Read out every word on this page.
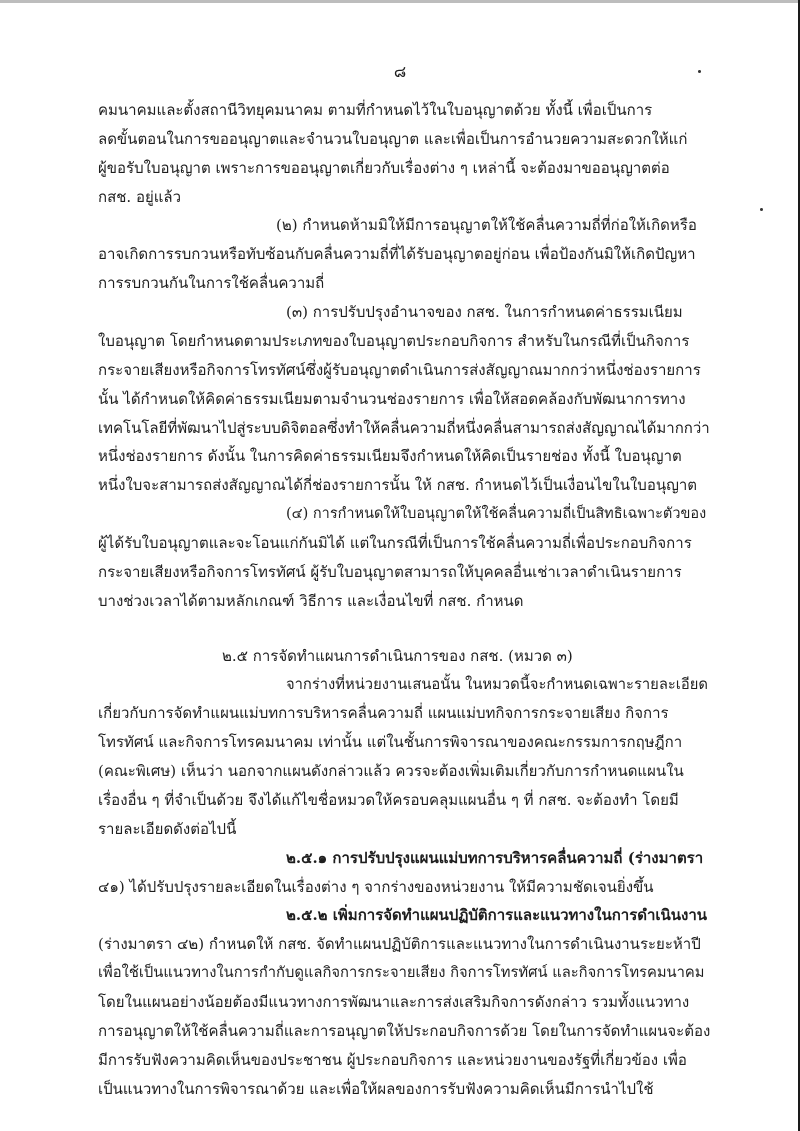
๘
คมนาคมและตั้งสถานีวิทยุคมนาคม ตามที่กำหนดไว้ในใบอนุญาตด้วย ทั้งนี้ เพื่อเป็นการ
ลดขั้นตอนในการขออนุญาตและจำนวนใบอนุญาต และเพื่อเป็นการอำนวยความสะดวกให้แก่
ผู้ขอรับใบอนุญาต เพราะการขออนุญาตเกี่ยวกับเรื่องต่าง ๆ เหล่านี้ จะต้องมาขออนุญาตต่อ
กสช. อยู่แล้ว
(๒) กำหนดห้ามมิให้มีการอนุญาตให้ใช้คลื่นความถี่ที่ก่อให้เกิดหรือ
อาจเกิดการรบกวนหรือทับซ้อนกับคลื่นความถี่ที่ได้รับอนุญาตอยู่ก่อน เพื่อป้องกันมิให้เกิดปัญหา
การรบกวนกันในการใช้คลื่นความถี่
(๓) การปรับปรุงอำนาจของ กสช. ในการกำหนดค่าธรรมเนียม
ใบอนุญาต โดยกำหนดตามประเภทของใบอนุญาตประกอบกิจการ สำหรับในกรณีที่เป็นกิจการ
กระจายเสียงหรือกิจการโทรทัศน์ซึ่งผู้รับอนุญาตดำเนินการส่งสัญญาณมากกว่าหนึ่งช่องรายการ
นั้น ได้กำหนดให้คิดค่าธรรมเนียมตามจำนวนช่องรายการ เพื่อให้สอดคล้องกับพัฒนาการทาง
เทคโนโลยีที่พัฒนาไปสู่ระบบดิจิตอลซึ่งทำให้คลื่นความถี่หนึ่งคลื่นสามารถส่งสัญญาณได้มากกว่า
หนึ่งช่องรายการ ดังนั้น ในการคิดค่าธรรมเนียมจึงกำหนดให้คิดเป็นรายช่อง ทั้งนี้ ใบอนุญาต
หนึ่งใบจะสามารถส่งสัญญาณได้กี่ช่องรายการนั้น ให้ กสช. กำหนดไว้เป็นเงื่อนไขในใบอนุญาต
(๔) การกำหนดให้ใบอนุญาตให้ใช้คลื่นความถี่เป็นสิทธิเฉพาะตัวของ
ผู้ได้รับใบอนุญาตและจะโอนแก่กันมิได้ แต่ในกรณีที่เป็นการใช้คลื่นความถี่เพื่อประกอบกิจการ
กระจายเสียงหรือกิจการโทรทัศน์ ผู้รับใบอนุญาตสามารถให้บุคคลอื่นเช่าเวลาดำเนินรายการ
บางช่วงเวลาได้ตามหลักเกณฑ์ วิธีการ และเงื่อนไขที่ กสช. กำหนด
๒.๕ การจัดทำแผนการดำเนินการของ กสช. (หมวด ๓)
จากร่างที่หน่วยงานเสนอนั้น ในหมวดนี้จะกำหนดเฉพาะรายละเอียด
เกี่ยวกับการจัดทำแผนแม่บทการบริหารคลื่นความถี่ แผนแม่บทกิจการกระจายเสียง กิจการ
โทรทัศน์ และกิจการโทรคมนาคม เท่านั้น แต่ในชั้นการพิจารณาของคณะกรรมการกฤษฎีกา
(คณะพิเศษ) เห็นว่า นอกจากแผนดังกล่าวแล้ว ควรจะต้องเพิ่มเติมเกี่ยวกับการกำหนดแผนใน
เรื่องอื่น ๆ ที่จำเป็นด้วย จึงได้แก้ไขชื่อหมวดให้ครอบคลุมแผนอื่น ๆ ที่ กสช. จะต้องทำ โดยมี
รายละเอียดดังต่อไปนี้
๒.๕.๑ การปรับปรุงแผนแม่บทการบริหารคลื่นความถี่ (ร่างมาตรา
๔๑) ได้ปรับปรุงรายละเอียดในเรื่องต่าง ๆ จากร่างของหน่วยงาน ให้มีความชัดเจนยิ่งขึ้น
๒.๕.๒ เพิ่มการจัดทำแผนปฏิบัติการและแนวทางในการดำเนินงาน
(ร่างมาตรา ๔๒) กำหนดให้ กสช. จัดทำแผนปฏิบัติการและแนวทางในการดำเนินงานระยะห้าปี
เพื่อใช้เป็นแนวทางในการกำกับดูแลกิจการกระจายเสียง กิจการโทรทัศน์ และกิจการโทรคมนาคม
โดยในแผนอย่างน้อยต้องมีแนวทางการพัฒนาและการส่งเสริมกิจการดังกล่าว รวมทั้งแนวทาง
การอนุญาตให้ใช้คลื่นความถี่และการอนุญาตให้ประกอบกิจการด้วย โดยในการจัดทำแผนจะต้อง
มีการรับฟังความคิดเห็นของประชาชน ผู้ประกอบกิจการ และหน่วยงานของรัฐที่เกี่ยวข้อง เพื่อ
เป็นแนวทางในการพิจารณาด้วย และเพื่อให้ผลของการรับฟังความคิดเห็นมีการนำไปใช้
